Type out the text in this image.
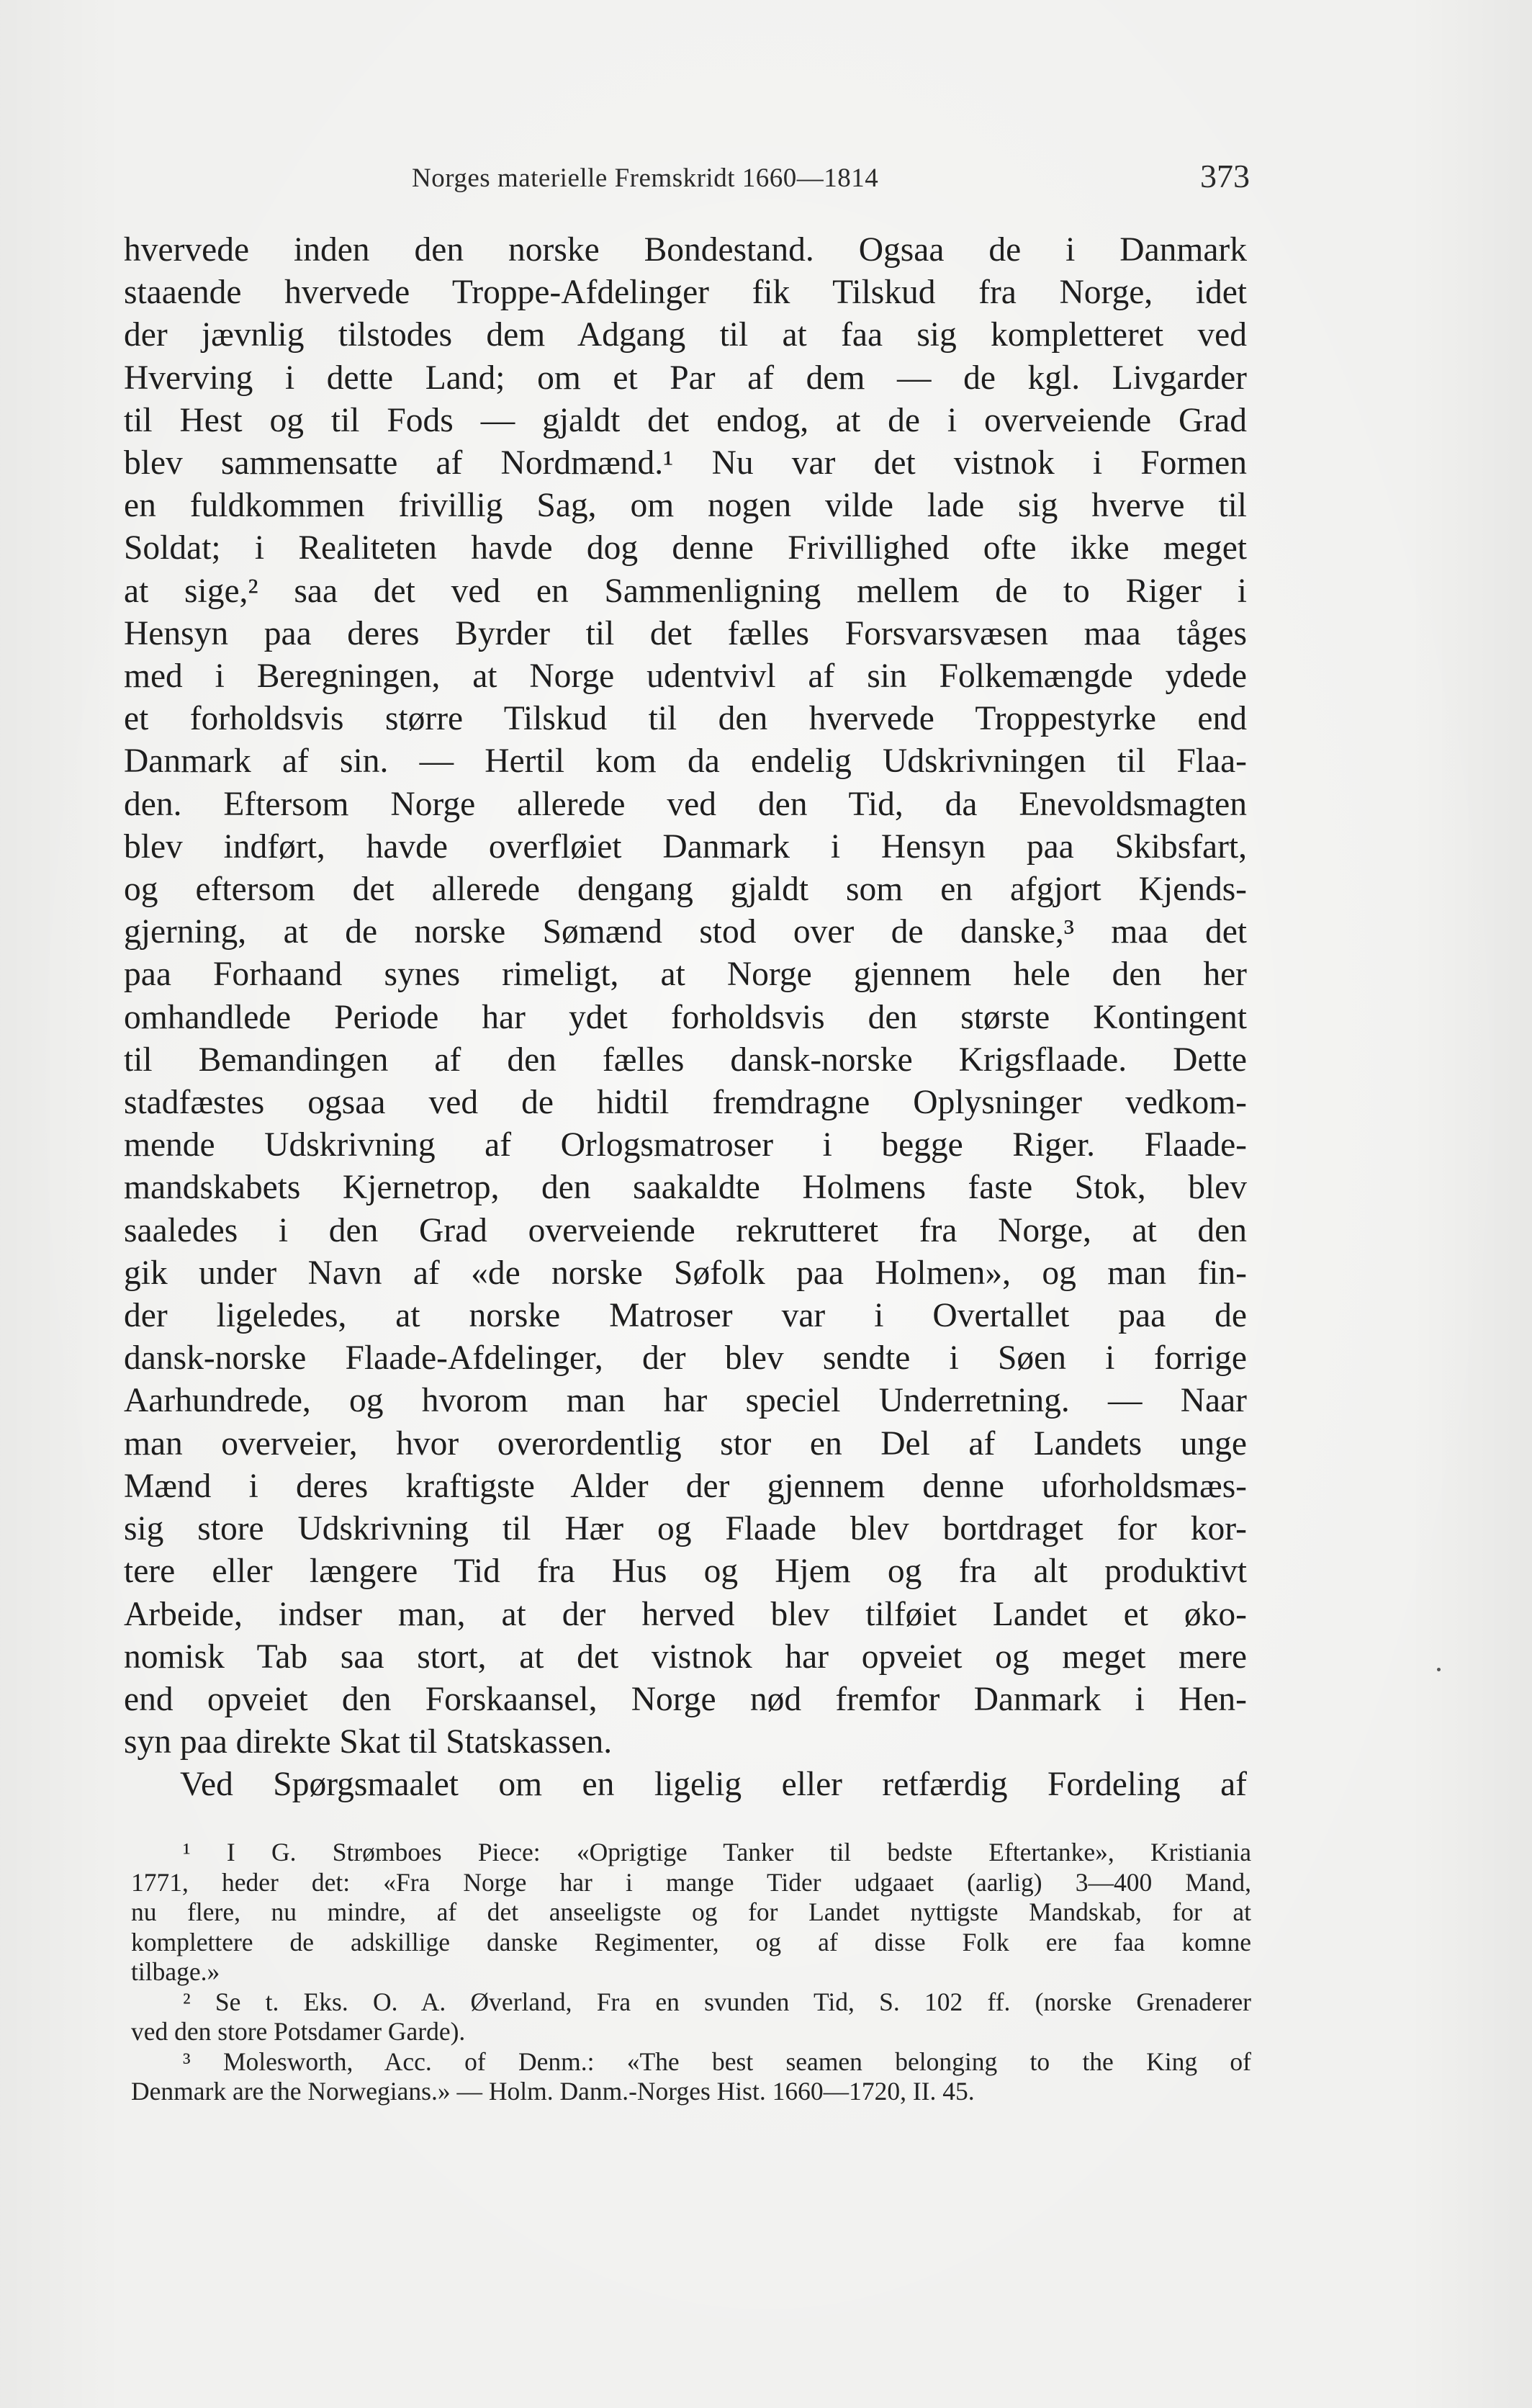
Norges materielle Fremskridt 1660—1814	373
hvervede inden den norske Bondestand. Ogsaa de i Danmark
staaende hvervede Troppe-Afdelinger fik Tilskud fra Norge, idet
der jævnlig tilstodes dem Adgang til at faa sig kompletteret ved
Hverving i dette Land; om et Par af dem — de kgl. Livgarder
til Hest og til Fods — gjaldt det endog, at de i overveiende Grad
blev sammensatte af Nordmænd.¹ Nu var det vistnok i Formen
en fuldkommen frivillig Sag, om nogen vilde lade sig hverve til
Soldat; i Realiteten havde dog denne Frivillighed ofte ikke meget
at sige,² saa det ved en Sammenligning mellem de to Riger i
Hensyn paa deres Byrder til det fælles Forsvarsvæsen maa tåges
med i Beregningen, at Norge udentvivl af sin Folkemængde ydede
et forholdsvis større Tilskud til den hvervede Troppestyrke end
Danmark af sin. — Hertil kom da endelig Udskrivningen til Flaa-
den. Eftersom Norge allerede ved den Tid, da Enevoldsmagten
blev indført, havde overfløiet Danmark i Hensyn paa Skibsfart,
og eftersom det allerede dengang gjaldt som en afgjort Kjends-
gjerning, at de norske Sømænd stod over de danske,³ maa det
paa Forhaand synes rimeligt, at Norge gjennem hele den her
omhandlede Periode har ydet forholdsvis den største Kontingent
til Bemandingen af den fælles dansk-norske Krigsflaade. Dette
stadfæstes ogsaa ved de hidtil fremdragne Oplysninger vedkom-
mende Udskrivning af Orlogsmatroser i begge Riger. Flaade-
mandskabets Kjernetrop, den saakaldte Holmens faste Stok, blev
saaledes i den Grad overveiende rekrutteret fra Norge, at den
gik under Navn af «de norske Søfolk paa Holmen», og man fin-
der ligeledes, at norske Matroser var i Overtallet paa de
dansk-norske Flaade-Afdelinger, der blev sendte i Søen i forrige
Aarhundrede, og hvorom man har speciel Underretning. — Naar
man overveier, hvor overordentlig stor en Del af Landets unge
Mænd i deres kraftigste Alder der gjennem denne uforholdsmæs-
sig store Udskrivning til Hær og Flaade blev bortdraget for kor-
tere eller længere Tid fra Hus og Hjem og fra alt produktivt
Arbeide, indser man, at der herved blev tilføiet Landet et øko-
nomisk Tab saa stort, at det vistnok har opveiet og meget mere
end opveiet den Forskaansel, Norge nød fremfor Danmark i Hen-
syn paa direkte Skat til Statskassen.
Ved Spørgsmaalet om en ligelig eller retfærdig Fordeling af
¹ I G. Strømboes Piece: «Oprigtige Tanker til bedste Eftertanke», Kristiania
1771, heder det: «Fra Norge har i mange Tider udgaaet (aarlig) 3—400 Mand,
nu flere, nu mindre, af det anseeligste og for Landet nyttigste Mandskab, for at
komplettere de adskillige danske Regimenter, og af disse Folk ere faa komne
tilbage.»
² Se t. Eks. O. A. Øverland, Fra en svunden Tid, S. 102 ff. (norske Grenaderer
ved den store Potsdamer Garde).
³ Molesworth, Acc. of Denm.: «The best seamen belonging to the King of
Denmark are the Norwegians.» — Holm. Danm.-Norges Hist. 1660—1720, II. 45.
